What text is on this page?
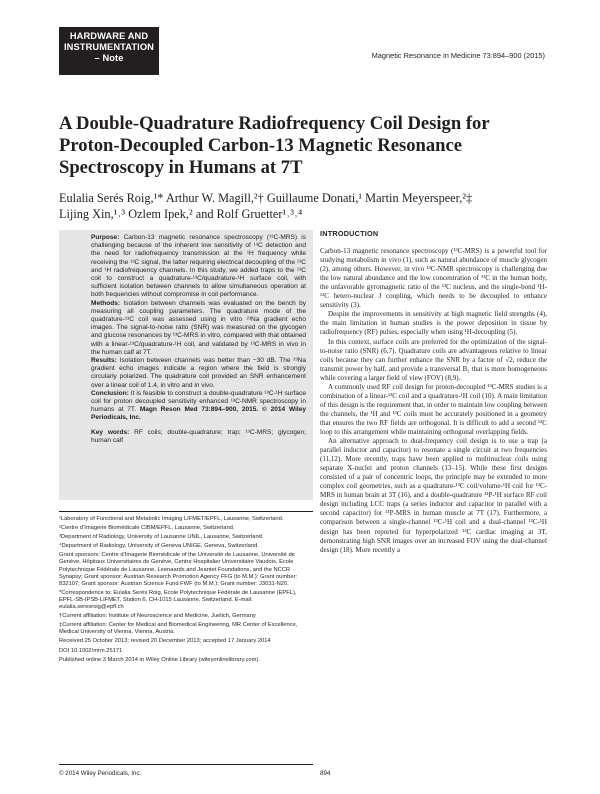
HARDWARE AND
INSTRUMENTATION
– Note	Magnetic Resonance in Medicine 73:894–900 (2015)
A Double-Quadrature Radiofrequency Coil Design for
Proton-Decoupled Carbon-13 Magnetic Resonance
Spectroscopy in Humans at 7T
Eulalia Serés Roig,¹* Arthur W. Magill,²† Guillaume Donati,¹ Martin Meyerspeer,²‡
Lijing Xin,¹˒³ Ozlem Ipek,² and Rolf Gruetter¹˒³˒⁴

Purpose: Carbon-13 magnetic resonance spectroscopy (¹³C-MRS) is challenging because of the inherent low sensitivity of ¹³C detection and the need for radiofrequency transmission at the ¹H frequency while receiving the ¹³C signal, the latter requiring electrical decoupling of the ¹³C and ¹H radiofrequency channels. In this study, we added traps to the ¹³C coil to construct a quadrature-¹³C/quadrature-¹H surface coil, with sufficient isolation between channels to allow simultaneous operation at both frequencies without compromise in coil performance.

Methods: Isolation between channels was evaluated on the bench by measuring all coupling parameters. The quadrature mode of the quadrature-¹³C coil was assessed using in vitro ²³Na gradient echo images. The signal-to-noise ratio (SNR) was measured on the glycogen and glucose resonances by ¹³C-MRS in vitro, compared with that obtained with a linear-¹³C/quadrature-¹H coil, and validated by ¹³C-MRS in vivo in the human calf at 7T.

Results: Isolation between channels was better than −30 dB. The ²³Na gradient echo images indicate a region where the field is strongly circularly polarized. The quadrature coil provided an SNR enhancement over a linear coil of 1.4, in vitro and in vivo.

Conclusion: It is feasible to construct a double-quadrature ¹³C-¹H surface coil for proton decoupled sensitivity enhanced ¹³C-NMR spectroscopy in humans at 7T. Magn Reson Med 73:894–900, 2015. © 2014 Wiley Periodicals, Inc.

Key words: RF coils; double-quadrature; trap; ¹³C-MRS; glycogen; human calf

¹Laboratory of Functional and Metabolic Imaging LIFMET/EPFL, Lausanne, Switzerland.

²Centre d’Imagerie Biomédicale CIBM/EPFL, Lausanne, Switzerland.

³Department of Radiology, University of Lausanne UNIL, Lausanne, Switzerland.

⁴Department of Radiology, University of Geneva UNIGE, Geneva, Switzerland.

Grant sponsors: Centre d’Imagerie Biomédicale of the Université de Lausanne, Université de Genève, Hôpitaux Universitaires de Genève, Centre Hospitalier Universitaire Vaudois, Ecole Polytechnique Fédérale de Lausanne, Leenaards and Jeantet Foundations, and the NCCR Synapsy; Grant sponsor: Austrian Research Promotion Agency FFG (to M.M.); Grant number: 832107; Grant sponsor: Austrian Science Fund FWF (to M.M.); Grant number: J3031-N20.

*Correspondence to: Eulalia Serés Roig, Ecole Polytechnique Fédérale de Lausanne (EPFL), EPFL-SB-IPSB-LIFMET, Station 6, CH-1015 Lausanne, Switzerland. E-mail: eulalia.seresroig@epfl.ch

†Current affiliation: Institute of Neuroscience and Medicine, Juelich, Germany

‡Current affiliation: Center for Medical and Biomedical Engineering, MR Center of Excellence, Medical University of Vienna, Vienna, Austria.

Received 25 October 2013; revised 20 December 2013; accepted 17 January 2014

DOI 10.1002/mrm.25171

Published online 3 March 2014 in Wiley Online Library (wileyonlinelibrary.com).

© 2014 Wiley Periodicals, Inc.	894
INTRODUCTION

Carbon-13 magnetic resonance spectroscopy (¹³C-MRS) is a powerful tool for studying metabolism in vivo (1), such as natural abundance of muscle glycogen (2), among others. However, in vivo ¹³C-NMR spectroscopy is challenging due the low natural abundance and the low concentration of ¹³C in the human body, the unfavorable gyromagnetic ratio of the ¹³C nucleus, and the single-bond ¹H-¹³C hetero-nuclear J coupling, which needs to be decoupled to enhance sensitivity (3).

Despite the improvements in sensitivity at high magnetic field strengths (4), the main limitation in human studies is the power deposition in tissue by radiofrequency (RF) pulses, especially when using ¹H-decoupling (5).

In this context, surface coils are preferred for the optimization of the signal-to-noise ratio (SNR) (6,7). Quadrature coils are advantageous relative to linear coils because they can further enhance the SNR by a factor of √2, reduce the transmit power by half, and provide a transversal B₁ that is more homogeneous while covering a larger field of view (FOV) (8,9).

A commonly used RF coil design for proton-decoupled ¹³C-MRS studies is a combination of a linear-¹³C coil and a quadrature-¹H coil (10). A main limitation of this design is the requirement that, in order to maintain low coupling between the channels, the ¹H and ¹³C coils must be accurately positioned in a geometry that ensures the two RF fields are orthogonal. It is difficult to add a second ¹³C loop to this arrangement while maintaining orthogonal overlapping fields.

An alternative approach to dual-frequency coil design is to use a trap (a parallel inductor and capacitor) to resonate a single circuit at two frequencies (11,12). More recently, traps have been applied to multinuclear coils using separate X-nuclei and proton channels (13–15). While these first designs consisted of a pair of concentric loops, the principle may be extended to more complex coil geometries, such as a quadrature-¹³C coil/volume-¹H coil for ¹³C-MRS in human brain at 3T (16), and a double-quadrature ³¹P-¹H surface RF coil design including LCC traps (a series inductor and capacitor in parallel with a second capacitor) for ³¹P-MRS in human muscle at 7T (17). Furthermore, a comparison between a single-channel ¹³C-¹H coil and a dual-channel ¹³C-¹H design has been reported for hyperpolarized ¹³C cardiac imaging at 3T, demonstrating high SNR images over an increased FOV using the dual-channel design (18). More recently a
